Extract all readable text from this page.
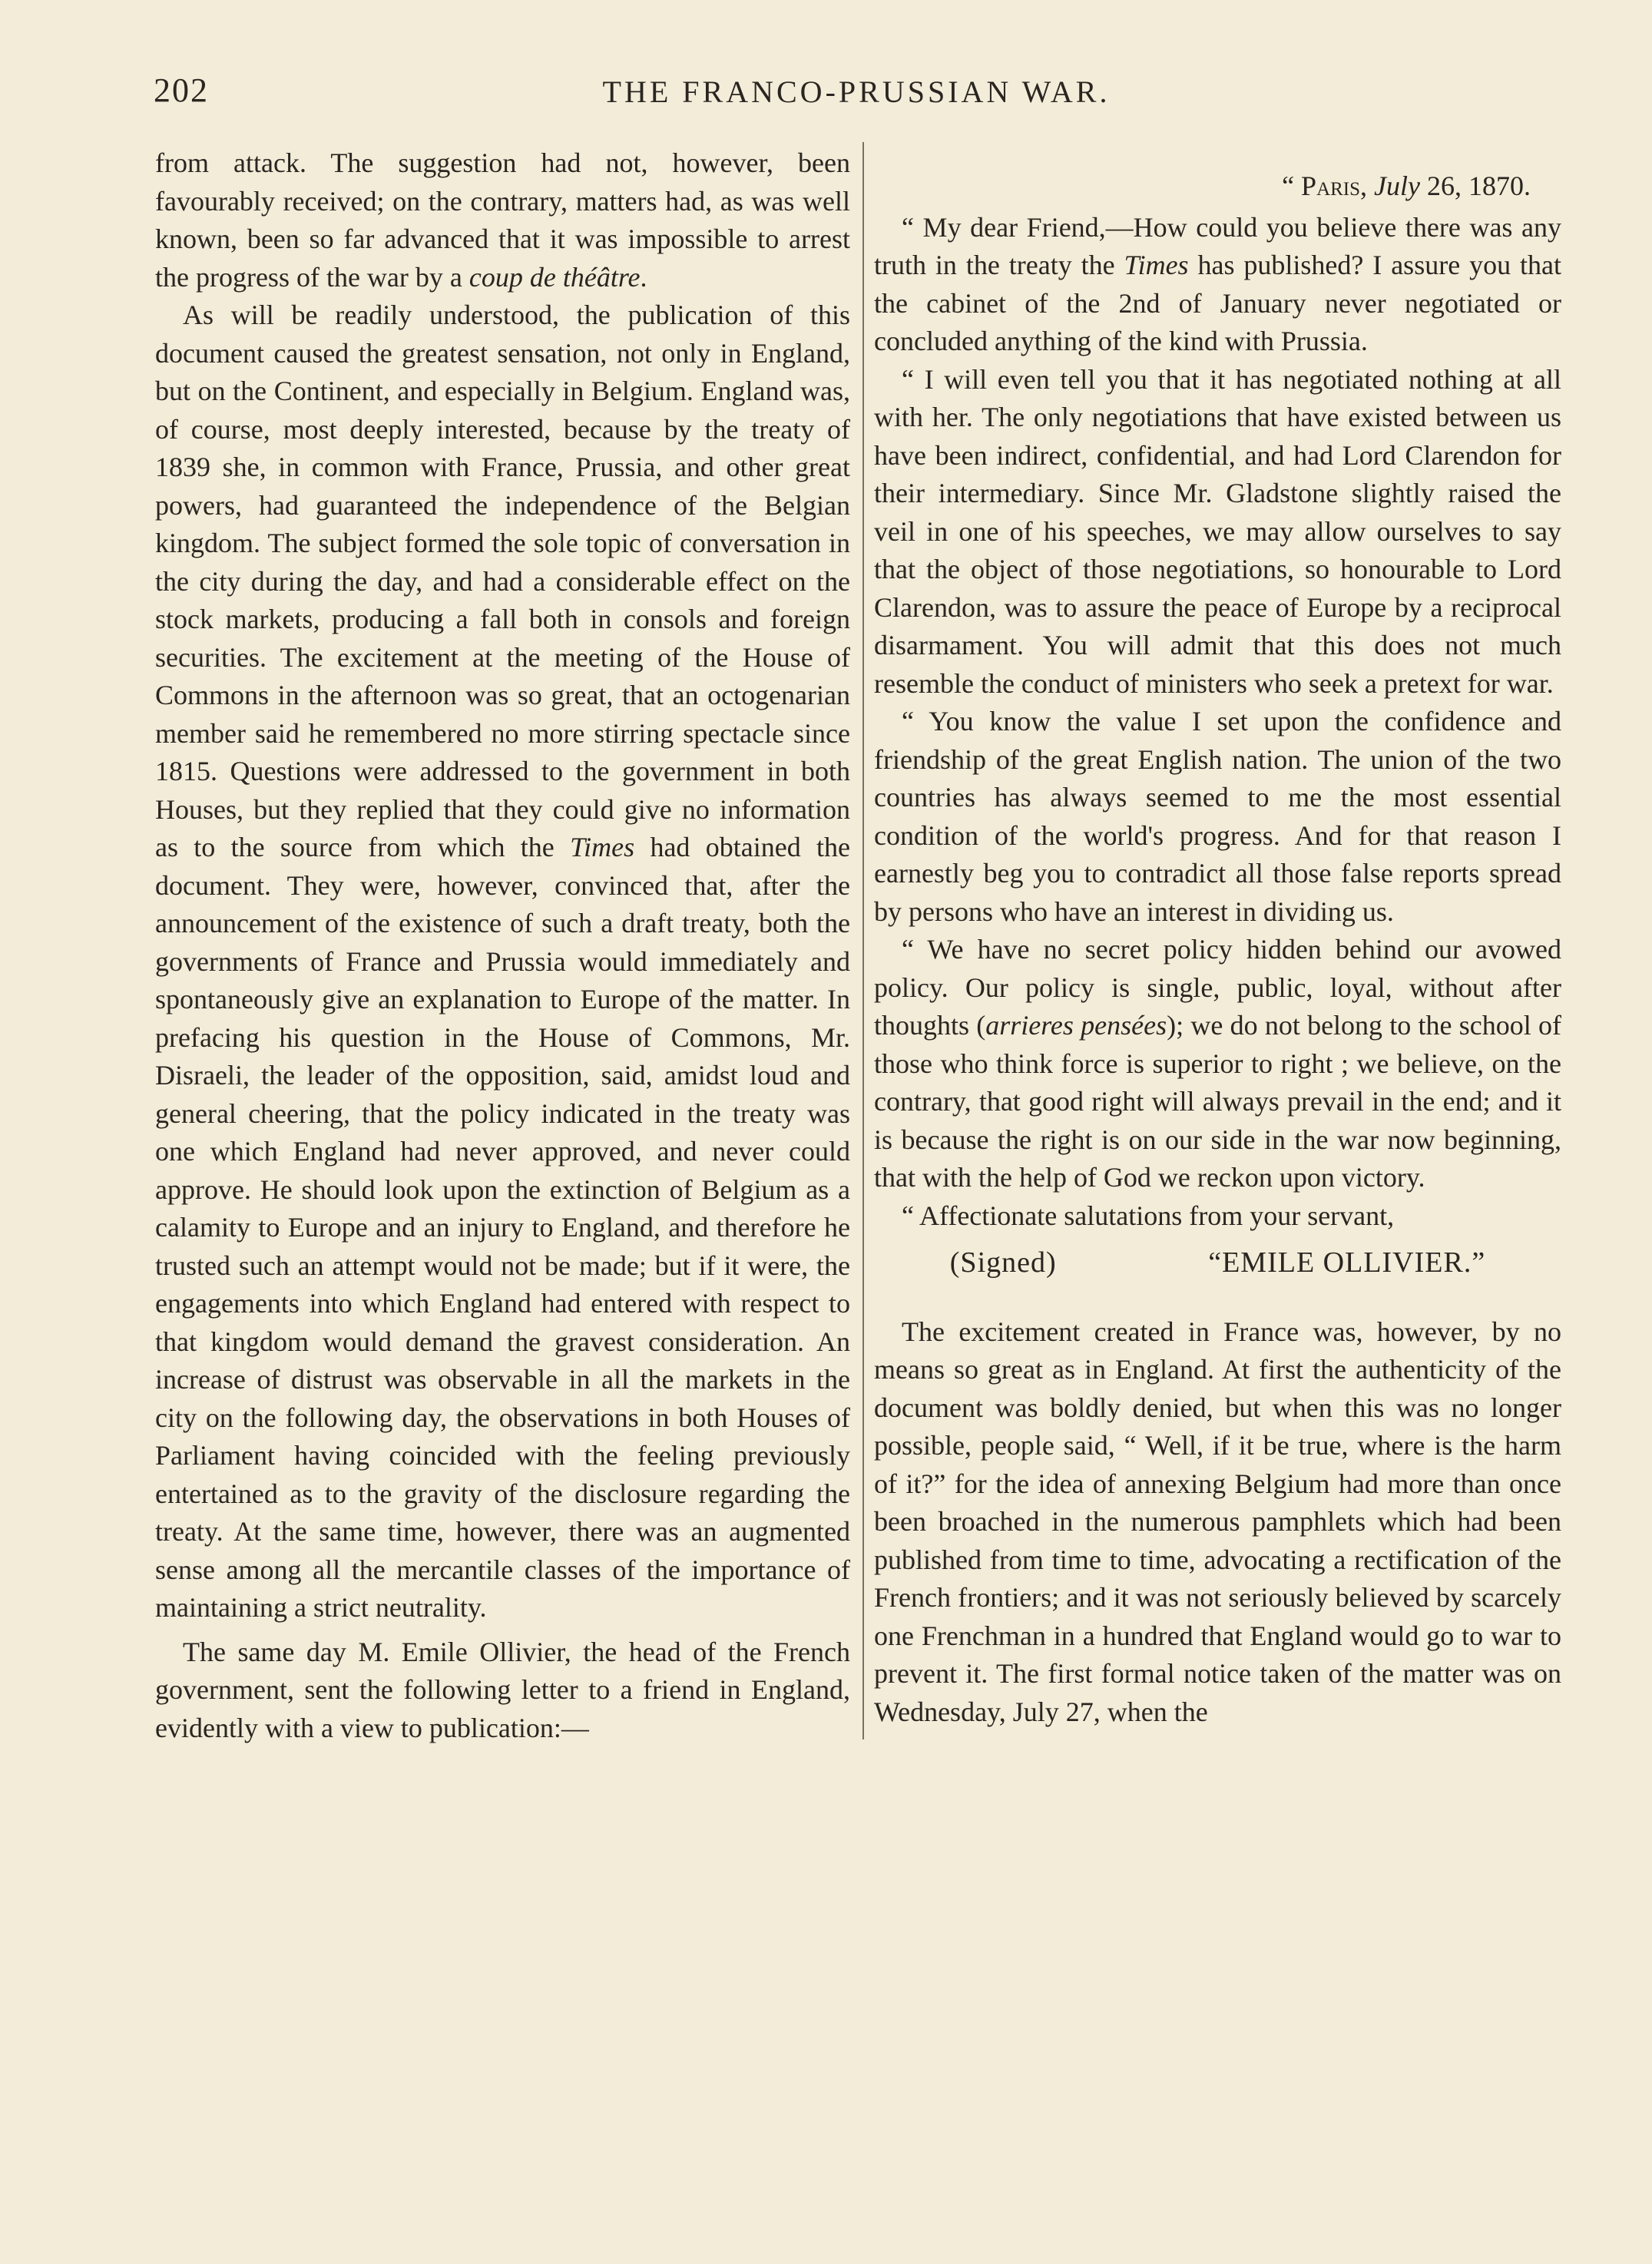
202	THE FRANCO-PRUSSIAN WAR.

from attack. The suggestion had not, however, been favourably received; on the contrary, matters had, as was well known, been so far advanced that it was impossible to arrest the progress of the war by a coup de théâtre.

As will be readily understood, the publication of this document caused the greatest sensation, not only in England, but on the Continent, and especially in Belgium. England was, of course, most deeply interested, because by the treaty of 1839 she, in common with France, Prussia, and other great powers, had guaranteed the independence of the Belgian kingdom. The subject formed the sole topic of conversation in the city during the day, and had a considerable effect on the stock markets, producing a fall both in consols and foreign securities. The excitement at the meeting of the House of Commons in the afternoon was so great, that an octogenarian member said he remembered no more stirring spectacle since 1815. Questions were addressed to the government in both Houses, but they replied that they could give no information as to the source from which the Times had obtained the document. They were, however, convinced that, after the announcement of the existence of such a draft treaty, both the governments of France and Prussia would immediately and spontaneously give an explanation to Europe of the matter. In prefacing his question in the House of Commons, Mr. Disraeli, the leader of the opposition, said, amidst loud and general cheering, that the policy indicated in the treaty was one which England had never approved, and never could approve. He should look upon the extinction of Belgium as a calamity to Europe and an injury to England, and therefore he trusted such an attempt would not be made; but if it were, the engagements into which England had entered with respect to that kingdom would demand the gravest consideration. An increase of distrust was observable in all the markets in the city on the following day, the observations in both Houses of Parliament having coincided with the feeling previously entertained as to the gravity of the disclosure regarding the treaty. At the same time, however, there was an augmented sense among all the mercantile classes of the importance of maintaining a strict neutrality.

The same day M. Emile Ollivier, the head of the French government, sent the following letter to a friend in England, evidently with a view to publication:—

“ Paris, July 26, 1870.

“ My dear Friend,—How could you believe there was any truth in the treaty the Times has published? I assure you that the cabinet of the 2nd of January never negotiated or concluded anything of the kind with Prussia.

“ I will even tell you that it has negotiated nothing at all with her. The only negotiations that have existed between us have been indirect, confidential, and had Lord Clarendon for their intermediary. Since Mr. Gladstone slightly raised the veil in one of his speeches, we may allow ourselves to say that the object of those negotiations, so honourable to Lord Clarendon, was to assure the peace of Europe by a reciprocal disarmament. You will admit that this does not much resemble the conduct of ministers who seek a pretext for war.

“ You know the value I set upon the confidence and friendship of the great English nation. The union of the two countries has always seemed to me the most essential condition of the world's progress. And for that reason I earnestly beg you to contradict all those false reports spread by persons who have an interest in dividing us.

“ We have no secret policy hidden behind our avowed policy. Our policy is single, public, loyal, without after thoughts (arrieres pensées); we do not belong to the school of those who think force is superior to right ; we believe, on the contrary, that good right will always prevail in the end; and it is because the right is on our side in the war now beginning, that with the help of God we reckon upon victory.

“ Affectionate salutations from your servant,

(Signed)	“EMILE OLLIVIER.”

The excitement created in France was, however, by no means so great as in England. At first the authenticity of the document was boldly denied, but when this was no longer possible, people said, “ Well, if it be true, where is the harm of it?” for the idea of annexing Belgium had more than once been broached in the numerous pamphlets which had been published from time to time, advocating a rectification of the French frontiers; and it was not seriously believed by scarcely one Frenchman in a hundred that England would go to war to prevent it. The first formal notice taken of the matter was on Wednesday, July 27, when the
